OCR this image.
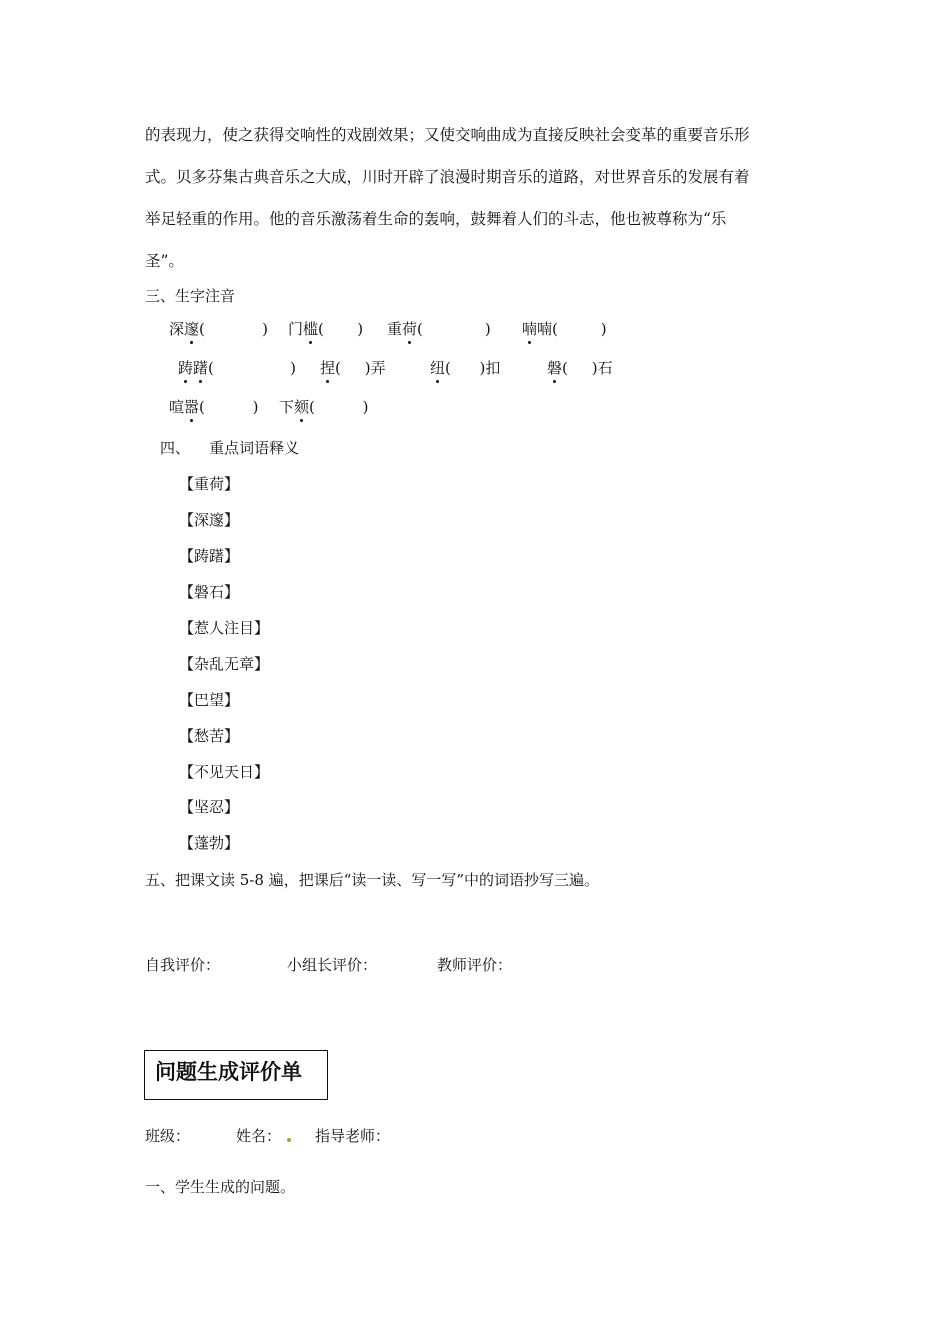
的表现力，使之获得交响性的戏剧效果；又使交响曲成为直接反映社会变革的重要音乐形
式。贝多芬集古典音乐之大成，川时开辟了浪漫时期音乐的道路，对世界音乐的发展有着
举足轻重的作用。他的音乐激荡着生命的轰响，鼓舞着人们的斗志，他也被尊称为“乐
圣”。
三、生字注音
深邃(            ) 门槛(       ) 重荷(             ) 喃喃(         )
踌躇(                ) 捏(     )弄	纽(      )扣	磐(     )石
喧嚣(          ) 下颏(          )
四、    重点词语释义
【重荷】
【深邃】
【踌躇】
【磐石】
【惹人注目】
【杂乱无章】
【巴望】
【愁苦】
【不见天日】
【坚忍】
【蓬勃】
五、把课文读 5-8 遍，把课后“读一读、写一写”中的词语抄写三遍。
自我评价：	小组长评价：	教师评价：
问题生成评价单
班级：	姓名：	指导老师：
一、学生生成的问题。
